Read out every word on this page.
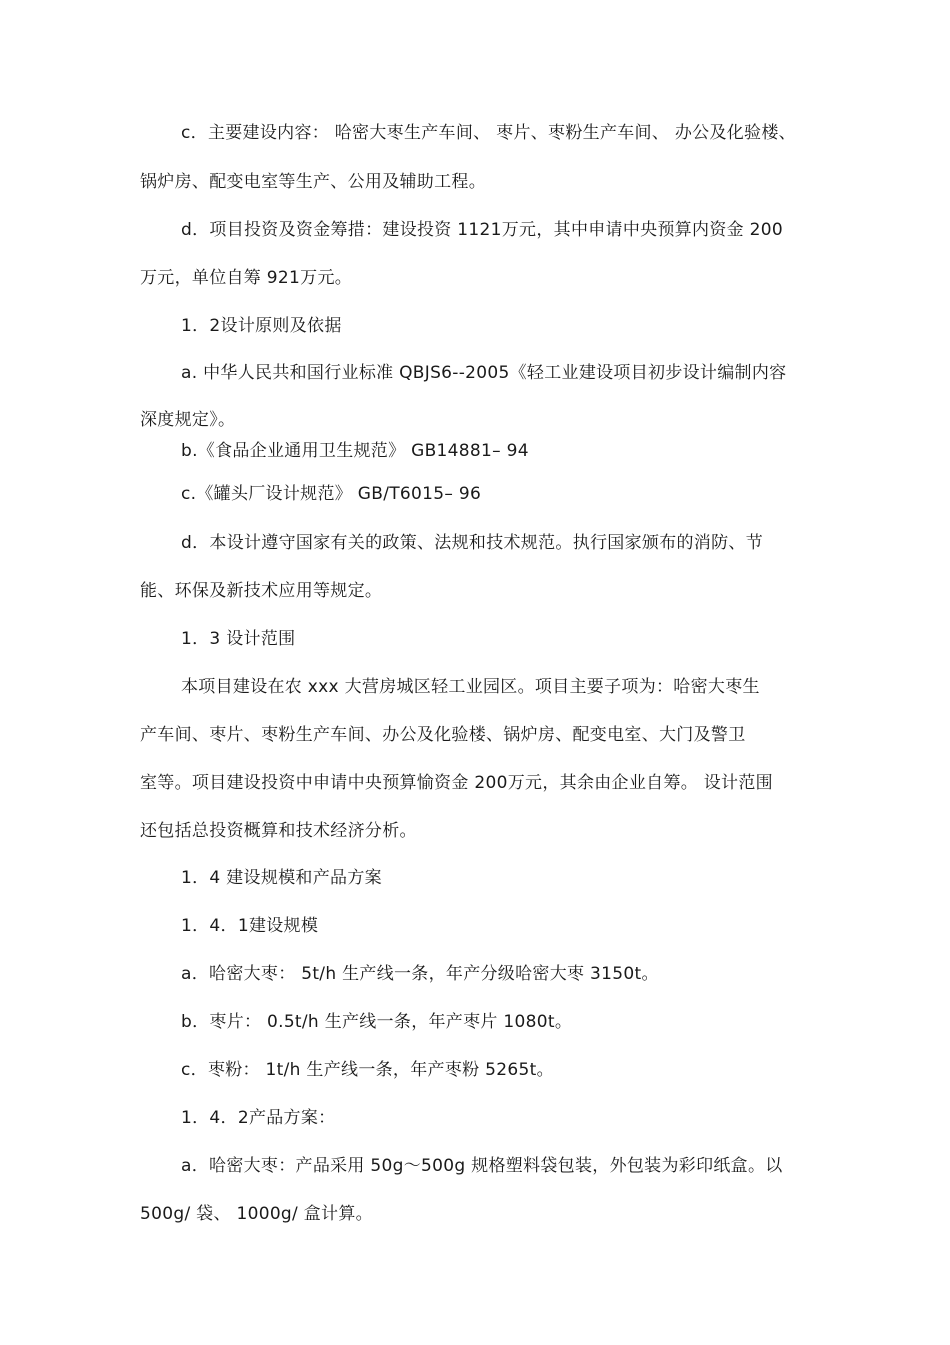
c．主要建设内容： 哈密大枣生产车间、 枣片、枣粉生产车间、 办公及化验楼、
锅炉房、配变电室等生产、公用及辅助工程。
d．项目投资及资金筹措：建设投资 1121万元，其中申请中央预算内资金 200
万元，单位自筹 921万元。
1．2设计原则及依据
a. 中华人民共和国行业标准 QBJS6--2005《轻工业建设项目初步设计编制内容
深度规定》。
b.《食品企业通用卫生规范》 GB14881– 94
c.《罐头厂设计规范》 GB/T6015– 96
d．本设计遵守国家有关的政策、法规和技术规范。执行国家颁布的消防、节
能、环保及新技术应用等规定。
1．3 设计范围
本项目建设在农 xxx 大营房城区轻工业园区。项目主要子项为：哈密大枣生
产车间、枣片、枣粉生产车间、办公及化验楼、锅炉房、配变电室、大门及警卫
室等。项目建设投资中申请中央预算愉资金 200万元，其余由企业自筹。 设计范围
还包括总投资概算和技术经济分析。
1．4 建设规模和产品方案
1．4．1建设规模
a．哈密大枣： 5t/h 生产线一条，年产分级哈密大枣 3150t。
b．枣片： 0.5t/h 生产线一条，年产枣片 1080t。
c．枣粉： 1t/h 生产线一条，年产枣粉 5265t。
1．4．2产品方案：
a．哈密大枣：产品采用 50g～500g 规格塑料袋包装，外包装为彩印纸盒。以
500g/ 袋、 1000g/ 盒计算。
